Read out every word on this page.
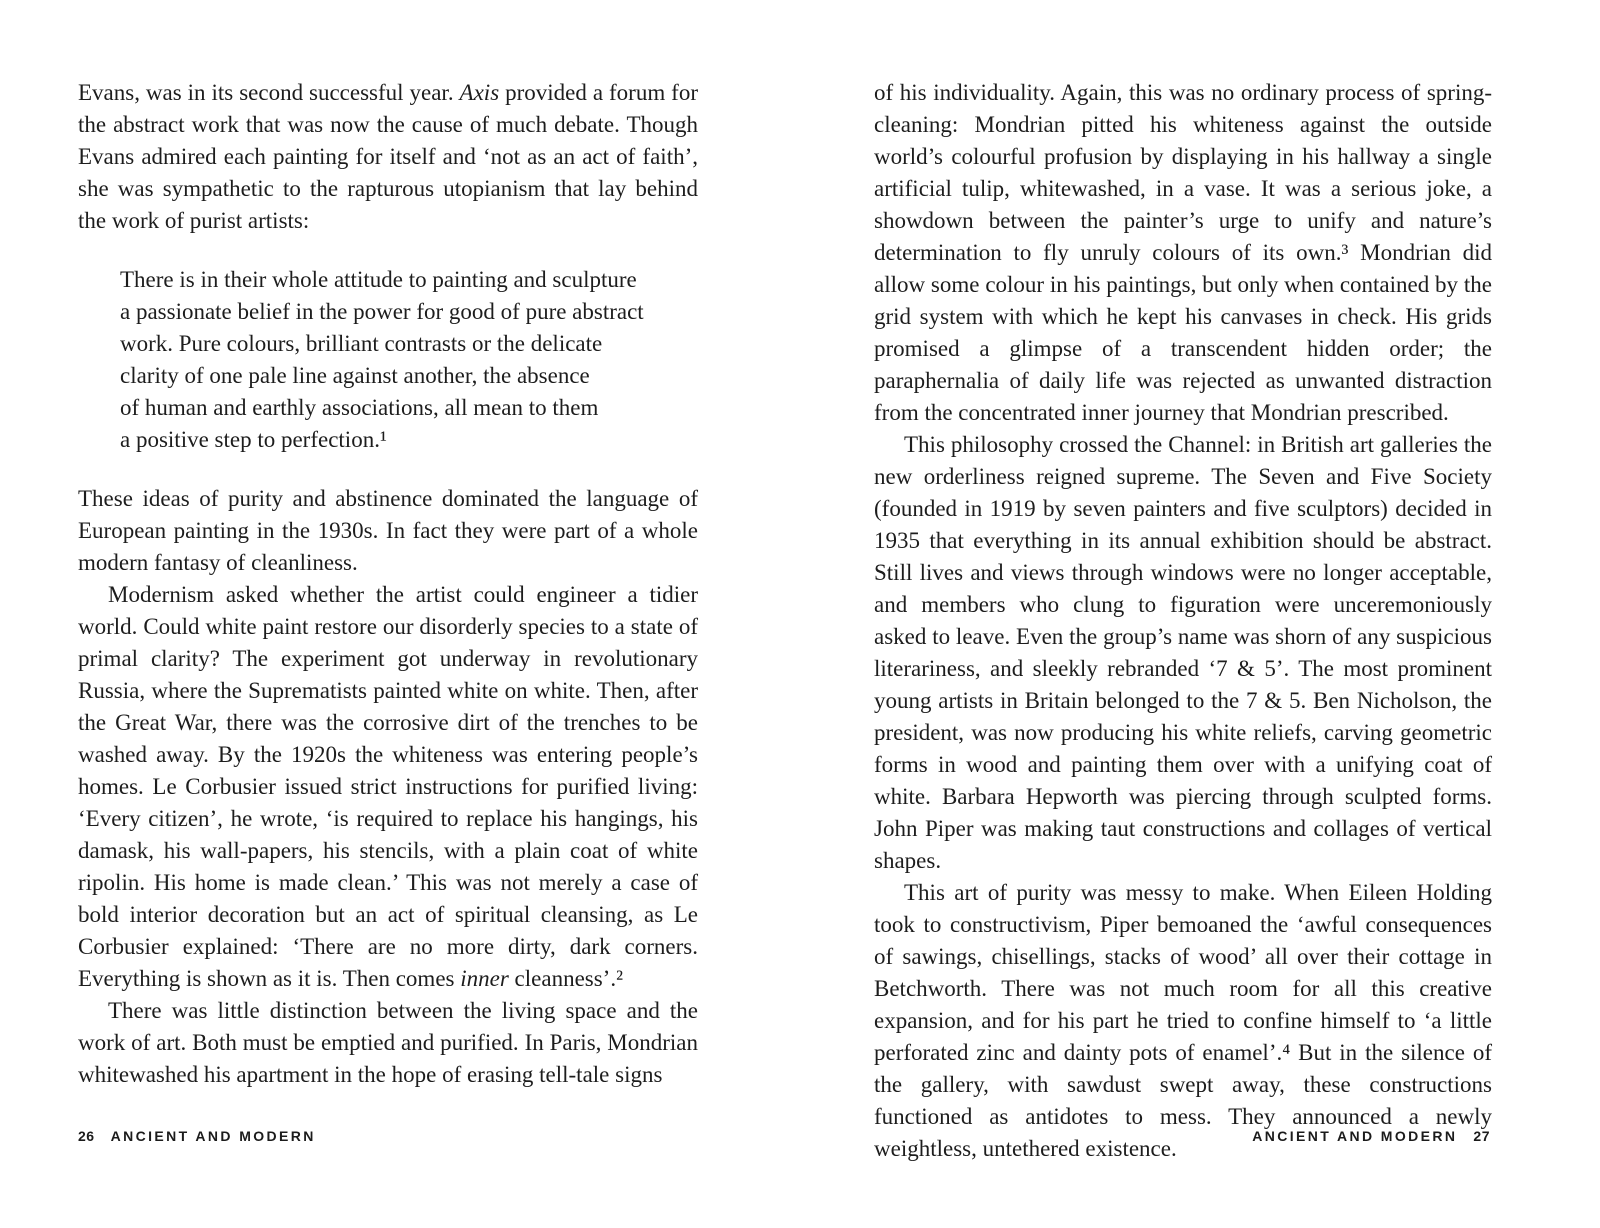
Evans, was in its second successful year. Axis provided a forum for the abstract work that was now the cause of much debate. Though Evans admired each painting for itself and ‘not as an act of faith’, she was sympathetic to the rapturous utopianism that lay behind the work of purist artists:

There is in their whole attitude to painting and sculpture
a passionate belief in the power for good of pure abstract
work. Pure colours, brilliant contrasts or the delicate
clarity of one pale line against another, the absence
of human and earthly associations, all mean to them
a positive step to perfection.¹

These ideas of purity and abstinence dominated the language of European painting in the 1930s. In fact they were part of a whole modern fantasy of cleanliness.

Modernism asked whether the artist could engineer a tidier world. Could white paint restore our disorderly species to a state of primal clarity? The experiment got underway in revolutionary Russia, where the Suprematists painted white on white. Then, after the Great War, there was the corrosive dirt of the trenches to be washed away. By the 1920s the whiteness was entering people’s homes. Le Corbusier issued strict instructions for purified living: ‘Every citizen’, he wrote, ‘is required to replace his hangings, his damask, his wall-papers, his stencils, with a plain coat of white ripolin. His home is made clean.’ This was not merely a case of bold interior decoration but an act of spiritual cleansing, as Le Corbusier explained: ‘There are no more dirty, dark corners. Everything is shown as it is. Then comes inner cleanness’.²

There was little distinction between the living space and the work of art. Both must be emptied and purified. In Paris, Mondrian whitewashed his apartment in the hope of erasing tell-tale signs

of his individuality. Again, this was no ordinary process of spring-cleaning: Mondrian pitted his whiteness against the outside world’s colourful profusion by displaying in his hallway a single artificial tulip, whitewashed, in a vase. It was a serious joke, a showdown between the painter’s urge to unify and nature’s determination to fly unruly colours of its own.³ Mondrian did allow some colour in his paintings, but only when contained by the grid system with which he kept his canvases in check. His grids promised a glimpse of a transcendent hidden order; the paraphernalia of daily life was rejected as unwanted distraction from the concentrated inner journey that Mondrian prescribed.

This philosophy crossed the Channel: in British art galleries the new orderliness reigned supreme. The Seven and Five Society (founded in 1919 by seven painters and five sculptors) decided in 1935 that everything in its annual exhibition should be abstract. Still lives and views through windows were no longer acceptable, and members who clung to figuration were unceremoniously asked to leave. Even the group’s name was shorn of any suspicious literariness, and sleekly rebranded ‘7 & 5’. The most prominent young artists in Britain belonged to the 7 & 5. Ben Nicholson, the president, was now producing his white reliefs, carving geometric forms in wood and painting them over with a unifying coat of white. Barbara Hepworth was piercing through sculpted forms. John Piper was making taut constructions and collages of vertical shapes.

This art of purity was messy to make. When Eileen Holding took to constructivism, Piper bemoaned the ‘awful consequences of sawings, chisellings, stacks of wood’ all over their cottage in Betchworth. There was not much room for all this creative expansion, and for his part he tried to confine himself to ‘a little perforated zinc and dainty pots of enamel’.⁴ But in the silence of the gallery, with sawdust swept away, these constructions functioned as antidotes to mess. They announced a newly weightless, untethered existence.

26 ANCIENT AND MODERN	ANCIENT AND MODERN 27
